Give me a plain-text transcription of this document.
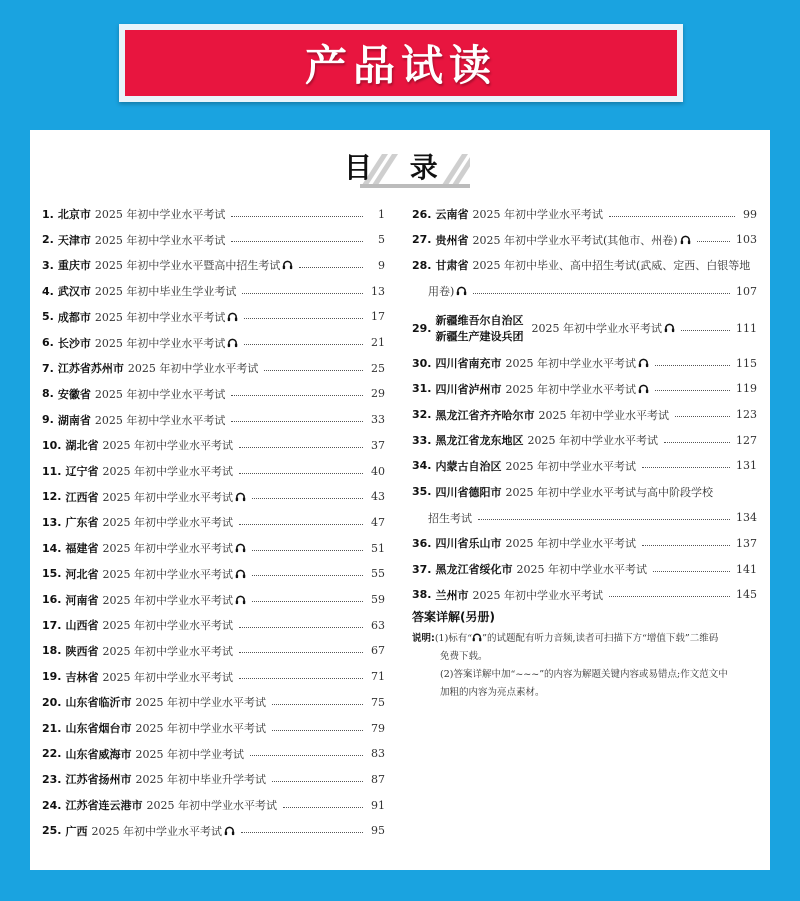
产品试读
目 录
1. 北京市 2025 年初中学业水平考试	1
2. 天津市 2025 年初中学业水平考试	5
3. 重庆市 2025 年初中学业水平暨高中招生考试	9
4. 武汉市 2025 年初中毕业生学业考试	13
5. 成都市 2025 年初中学业水平考试	17
6. 长沙市 2025 年初中学业水平考试	21
7. 江苏省苏州市 2025 年初中学业水平考试	25
8. 安徽省 2025 年初中学业水平考试	29
9. 湖南省 2025 年初中学业水平考试	33
10. 湖北省 2025 年初中学业水平考试	37
11. 辽宁省 2025 年初中学业水平考试	40
12. 江西省 2025 年初中学业水平考试	43
13. 广东省 2025 年初中学业水平考试	47
14. 福建省 2025 年初中学业水平考试	51
15. 河北省 2025 年初中学业水平考试	55
16. 河南省 2025 年初中学业水平考试	59
17. 山西省 2025 年初中学业水平考试	63
18. 陕西省 2025 年初中学业水平考试	67
19. 吉林省 2025 年初中学业水平考试	71
20. 山东省临沂市 2025 年初中学业水平考试	75
21. 山东省烟台市 2025 年初中学业水平考试	79
22. 山东省威海市 2025 年初中学业考试	83
23. 江苏省扬州市 2025 年初中毕业升学考试	87
24. 江苏省连云港市 2025 年初中学业水平考试	91
25. 广西 2025 年初中学业水平考试	95
答案详解(另册)
说明:(1)标有“ ”的试题配有听力音频,读者可扫描下方“增值下载”二维码
免费下载。
(2)答案详解中加“~~~”的内容为解题关键内容或易错点;作文范文中
加粗的内容为亮点素材。
26. 云南省 2025 年初中学业水平考试	99
27. 贵州省 2025 年初中学业水平考试(其他市、州卷)	103
28. 甘肃省 2025 年初中毕业、高中招生考试(武威、定西、白银等地
用卷)	107
29.
新疆维吾尔自治区
新疆生产建设兵团
2025 年初中学业水平考试	111
30. 四川省南充市 2025 年初中学业水平考试	115
31. 四川省泸州市 2025 年初中学业水平考试	119
32. 黑龙江省齐齐哈尔市 2025 年初中学业水平考试	123
33. 黑龙江省龙东地区 2025 年初中学业水平考试	127
34. 内蒙古自治区 2025 年初中学业水平考试	131
35. 四川省德阳市 2025 年初中学业水平考试与高中阶段学校
招生考试	134
36. 四川省乐山市 2025 年初中学业水平考试	137
37. 黑龙江省绥化市 2025 年初中学业水平考试	141
38. 兰州市 2025 年初中学业水平考试	145
